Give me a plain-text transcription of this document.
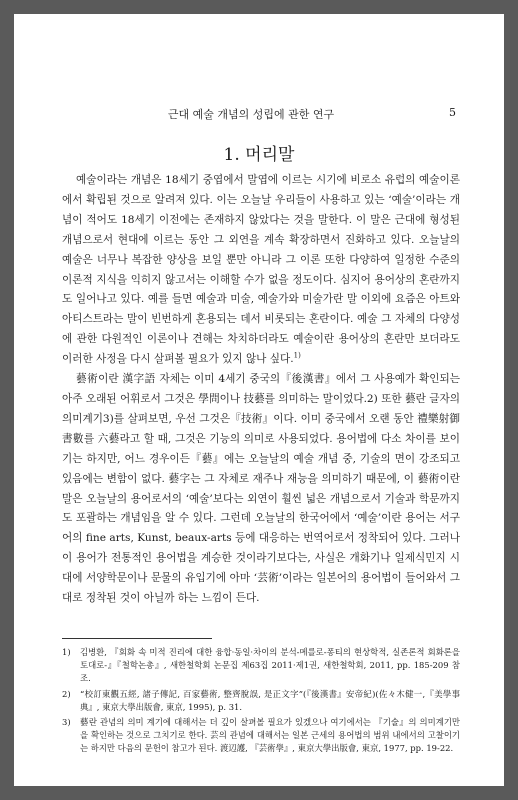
근대 예술 개념의 성립에 관한 연구	5
1. 머리말

예술이라는 개념은 18세기 중엽에서 말엽에 이르는 시기에 비로소 유럽의 예술이론에서 확립된 것으로 알려져 있다. 이는 오늘날 우리들이 사용하고 있는 ‘예술’이라는 개념이 적어도 18세기 이전에는 존재하지 않았다는 것을 말한다. 이 말은 근대에 형성된 개념으로서 현대에 이르는 동안 그 외연을 계속 확장하면서 진화하고 있다. 오늘날의 예술은 너무나 복잡한 양상을 보일 뿐만 아니라 그 이론 또한 다양하여 일정한 수준의 이론적 지식을 익히지 않고서는 이해할 수가 없을 정도이다. 심지어 용어상의 혼란까지도 일어나고 있다. 예를 들면 예술과 미술, 예술가와 미술가란 말 이외에 요즘은 아트와 아티스트라는 말이 빈번하게 혼용되는 데서 비롯되는 혼란이다. 예술 그 자체의 다양성에 관한 다원적인 이론이나 견해는 차치하더라도 예술이란 용어상의 혼란만 보더라도 이러한 사정을 다시 살펴볼 필요가 있지 않나 싶다.$^{1)}$

藝術이란 漢字語 자체는 이미 4세기 중국의『後漢書』에서 그 사용예가 확인되는 아주 오래된 어휘로서 그것은 學問이나 技藝를 의미하는 말이었다.2) 또한 藝란 글자의 의미계기3)를 살펴보면, 우선 그것은『技術』이다. 이미 중국에서 오랜 동안 禮樂射御書數를 六藝라고 할 때, 그것은 기능의 의미로 사용되었다. 용어법에 다소 차이를 보이기는 하지만, 어느 경우이든『藝』에는 오늘날의 예술 개념 중, 기술의 면이 강조되고 있음에는 변함이 없다. 藝字는 그 자체로 재주나 재능을 의미하기 때문에, 이 藝術이란 말은 오늘날의 용어로서의 ‘예술’보다는 외연이 훨씬 넓은 개념으로서 기술과 학문까지도 포괄하는 개념임을 알 수 있다. 그런데 오늘날의 한국어에서 ‘예술’이란 용어는 서구어의 fine arts, Kunst, beaux-arts 등에 대응하는 번역어로서 정착되어 있다. 그러나 이 용어가 전통적인 용어법을 계승한 것이라기보다는, 사실은 개화기나 일제식민지 시대에 서양학문이나 문물의 유입기에 아마 ‘芸術’이라는 일본어의 용어법이 들어와서 그대로 정착된 것이 아닐까 하는 느낌이 든다.

1) 김병환, 『회화 속 미적 진리에 대한 융합·동일·차이의 분석-메를로-퐁티의 현상학적, 실존론적 회화론을 토대로-』『철학논총』, 새한철학회 논문집 제63집 2011·제1권, 새한철학회, 2011, pp. 185-209 참조.
2) “校訂東觀五經, 諸子傳記, 百家藝術, 整齊脫誤, 是正文字”(『後漢書』安帝紀)(佐々木健一,『美學事典』, 東京大學出版會, 東京, 1995), p. 31.
3) 藝란 관념의 의미 계기에 대해서는 더 깊이 살펴볼 필요가 있겠으나 여기에서는 『기술』의 의미계기만을 확인하는 것으로 그치기로 한다. 芸의 관념에 대해서는 일본 근세의 용어법의 범위 내에서의 고찰이기는 하지만 다음의 문헌이 참고가 된다. 渡辺護, 『芸術學』, 東京大學出版會, 東京, 1977, pp. 19-22.
